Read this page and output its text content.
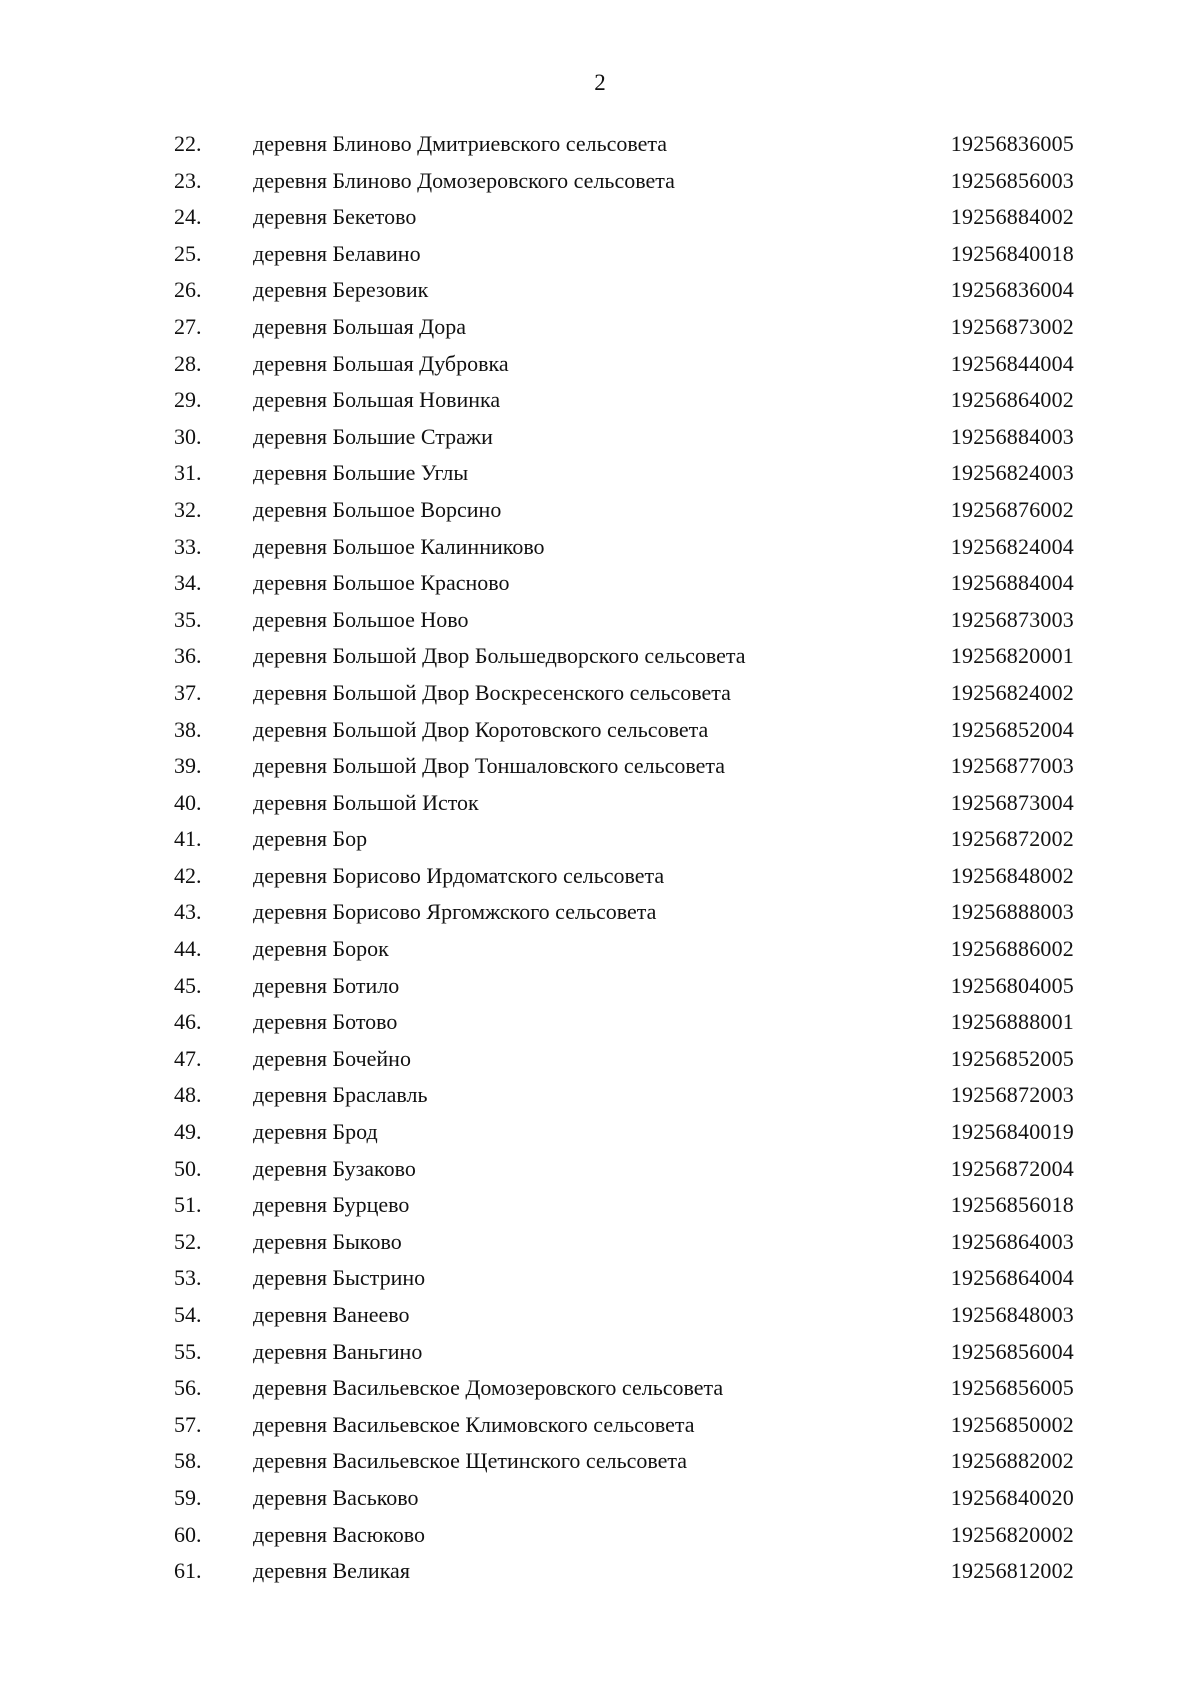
2
22. деревня Блиново Дмитриевского сельсовета	19256836005
23. деревня Блиново Домозеровского сельсовета	19256856003
24. деревня Бекетово	19256884002
25. деревня Белавино	19256840018
26. деревня Березовик	19256836004
27. деревня Большая Дора	19256873002
28. деревня Большая Дубровка	19256844004
29. деревня Большая Новинка	19256864002
30. деревня Большие Стражи	19256884003
31. деревня Большие Углы	19256824003
32. деревня Большое Ворсино	19256876002
33. деревня Большое Калинниково	19256824004
34. деревня Большое Красново	19256884004
35. деревня Большое Ново	19256873003
36. деревня Большой Двор Большедворского сельсовета	19256820001
37. деревня Большой Двор Воскресенского сельсовета	19256824002
38. деревня Большой Двор Коротовского сельсовета	19256852004
39. деревня Большой Двор Тоншаловского сельсовета	19256877003
40. деревня Большой Исток	19256873004
41. деревня Бор	19256872002
42. деревня Борисово Ирдоматского сельсовета	19256848002
43. деревня Борисово Яргомжского сельсовета	19256888003
44. деревня Борок	19256886002
45. деревня Ботило	19256804005
46. деревня Ботово	19256888001
47. деревня Бочейно	19256852005
48. деревня Браславль	19256872003
49. деревня Брод	19256840019
50. деревня Бузаково	19256872004
51. деревня Бурцево	19256856018
52. деревня Быково	19256864003
53. деревня Быстрино	19256864004
54. деревня Ванеево	19256848003
55. деревня Ваньгино	19256856004
56. деревня Васильевское Домозеровского сельсовета	19256856005
57. деревня Васильевское Климовского сельсовета	19256850002
58. деревня Васильевское Щетинского сельсовета	19256882002
59. деревня Васьково	19256840020
60. деревня Васюково	19256820002
61. деревня Великая	19256812002
